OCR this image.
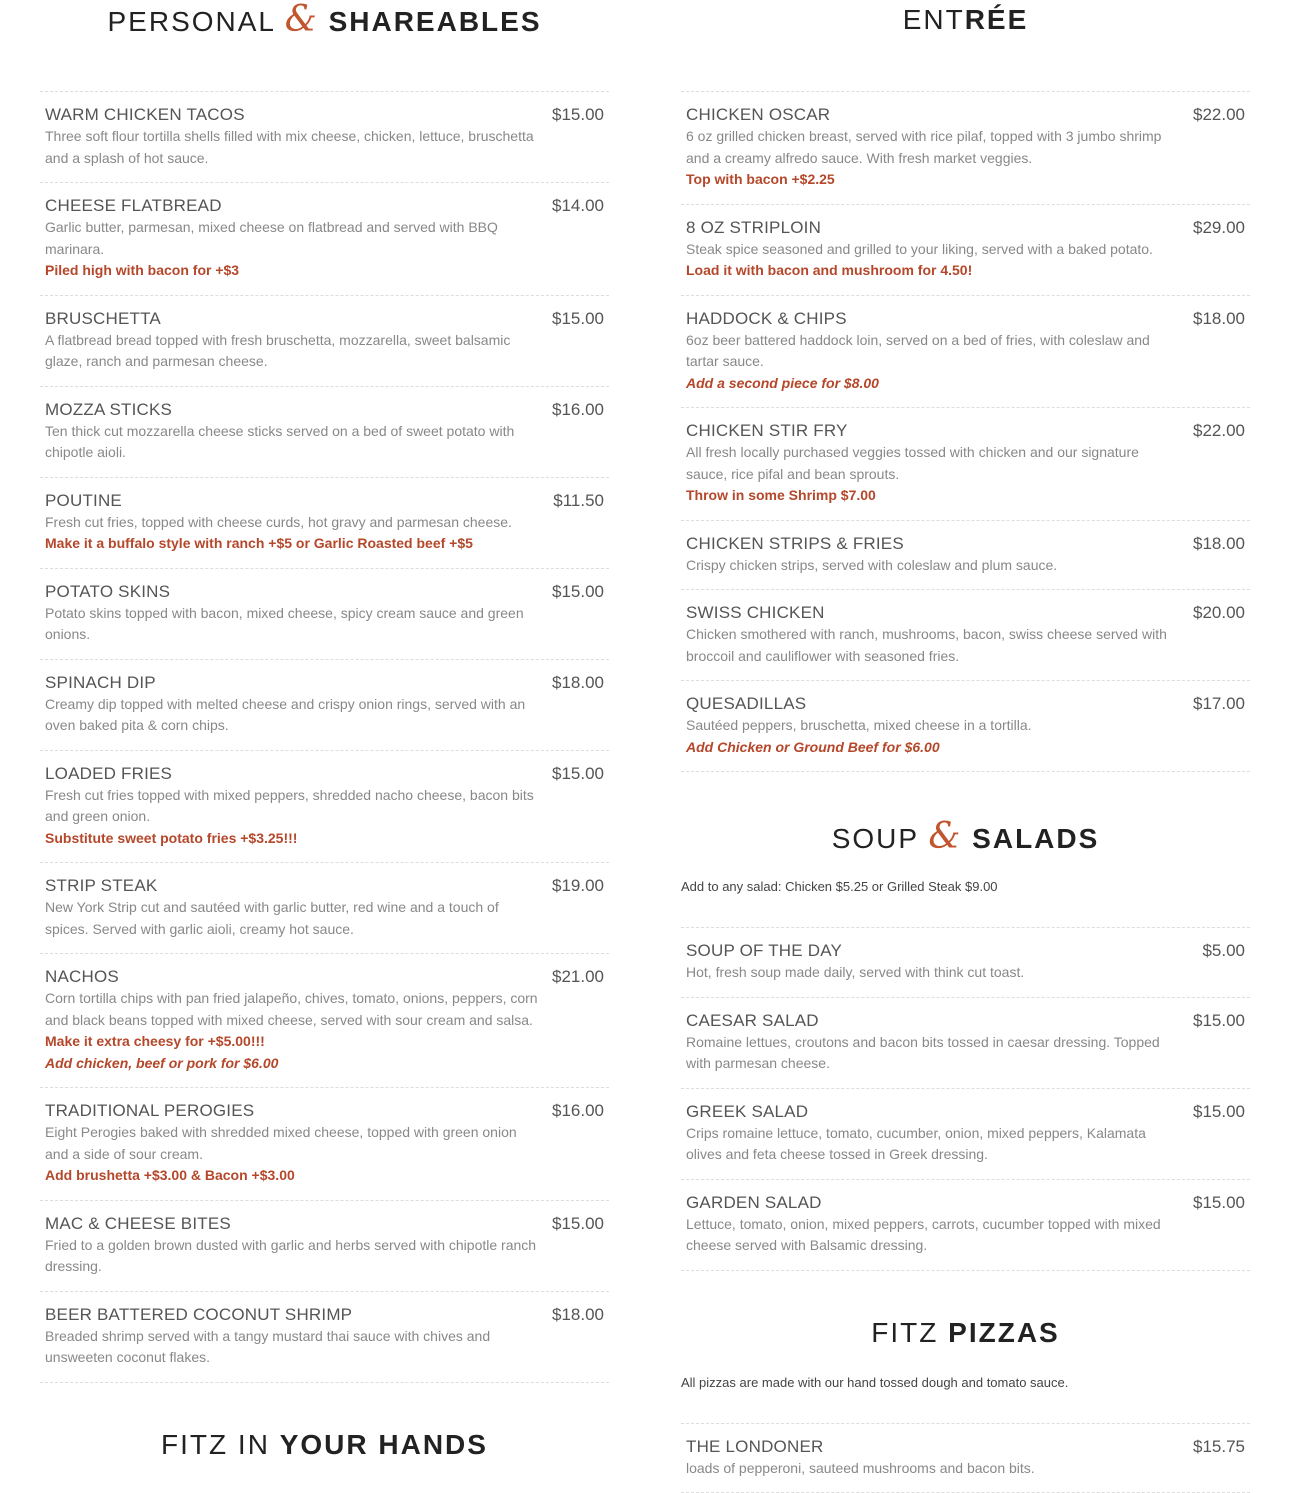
PERSONAL & SHAREABLES
WARM CHICKEN TACOS	$15.00
Three soft flour tortilla shells filled with mix cheese, chicken, lettuce, bruschetta and a splash of hot sauce.
CHEESE FLATBREAD	$14.00
Garlic butter, parmesan, mixed cheese on flatbread and served with BBQ marinara.
Piled high with bacon for +$3
BRUSCHETTA	$15.00
A flatbread bread topped with fresh bruschetta, mozzarella, sweet balsamic glaze, ranch and parmesan cheese.
MOZZA STICKS	$16.00
Ten thick cut mozzarella cheese sticks served on a bed of sweet potato with chipotle aioli.
POUTINE	$11.50
Fresh cut fries, topped with cheese curds, hot gravy and parmesan cheese.
Make it a buffalo style with ranch +$5 or Garlic Roasted beef +$5
POTATO SKINS	$15.00
Potato skins topped with bacon, mixed cheese, spicy cream sauce and green onions.
SPINACH DIP	$18.00
Creamy dip topped with melted cheese and crispy onion rings, served with an oven baked pita & corn chips.
LOADED FRIES	$15.00
Fresh cut fries topped with mixed peppers, shredded nacho cheese, bacon bits and green onion.
Substitute sweet potato fries +$3.25!!!
STRIP STEAK	$19.00
New York Strip cut and sautéed with garlic butter, red wine and a touch of spices. Served with garlic aioli, creamy hot sauce.
NACHOS	$21.00
Corn tortilla chips with pan fried jalapeño, chives, tomato, onions, peppers, corn and black beans topped with mixed cheese, served with sour cream and salsa.
Make it extra cheesy for +$5.00!!!
Add chicken, beef or pork for $6.00
TRADITIONAL PEROGIES	$16.00
Eight Perogies baked with shredded mixed cheese, topped with green onion and a side of sour cream.
Add brushetta +$3.00 & Bacon +$3.00
MAC & CHEESE BITES	$15.00
Fried to a golden brown dusted with garlic and herbs served with chipotle ranch dressing.
BEER BATTERED COCONUT SHRIMP	$18.00
Breaded shrimp served with a tangy mustard thai sauce with chives and unsweeten coconut flakes.
FITZ IN YOUR HANDS
ENTRÉE
CHICKEN OSCAR	$22.00
6 oz grilled chicken breast, served with rice pilaf, topped with 3 jumbo shrimp and a creamy alfredo sauce. With fresh market veggies.
Top with bacon +$2.25
8 OZ STRIPLOIN	$29.00
Steak spice seasoned and grilled to your liking, served with a baked potato.
Load it with bacon and mushroom for 4.50!
HADDOCK & CHIPS	$18.00
6oz beer battered haddock loin, served on a bed of fries, with coleslaw and tartar sauce.
Add a second piece for $8.00
CHICKEN STIR FRY	$22.00
All fresh locally purchased veggies tossed with chicken and our signature sauce, rice pifal and bean sprouts.
Throw in some Shrimp $7.00
CHICKEN STRIPS & FRIES	$18.00
Crispy chicken strips, served with coleslaw and plum sauce.
SWISS CHICKEN	$20.00
Chicken smothered with ranch, mushrooms, bacon, swiss cheese served with broccoil and cauliflower with seasoned fries.
QUESADILLAS	$17.00
Sautéed peppers, bruschetta, mixed cheese in a tortilla.
Add Chicken or Ground Beef for $6.00
SOUP & SALADS
Add to any salad: Chicken $5.25 or Grilled Steak $9.00
SOUP OF THE DAY	$5.00
Hot, fresh soup made daily, served with think cut toast.
CAESAR SALAD	$15.00
Romaine lettues, croutons and bacon bits tossed in caesar dressing. Topped with parmesan cheese.
GREEK SALAD	$15.00
Crips romaine lettuce, tomato, cucumber, onion, mixed peppers, Kalamata olives and feta cheese tossed in Greek dressing.
GARDEN SALAD	$15.00
Lettuce, tomato, onion, mixed peppers, carrots, cucumber topped with mixed cheese served with Balsamic dressing.
FITZ PIZZAS
All pizzas are made with our hand tossed dough and tomato sauce.
THE LONDONER	$15.75
loads of pepperoni, sauteed mushrooms and bacon bits.
